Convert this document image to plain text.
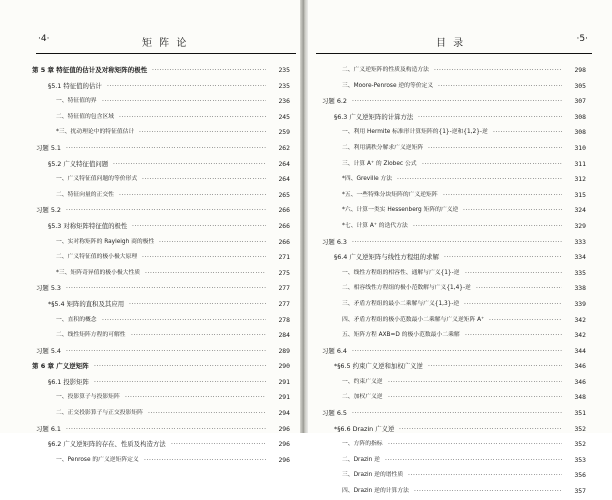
·4·	矩 阵 论
第 5 章 特征值的估计及对称矩阵的极性 ·····	235
§5.1 特征值的估计 ·····	235
一、特征值的界 ·····	236
二、特征值的包含区域 ·····	245
*三、扰动理论中的特征值估计 ·····	259
习题 5.1 ·····	262
§5.2 广义特征值问题 ·····	264
一、广义特征值问题的等价形式 ·····	264
二、特征向量的正交性 ·····	265
习题 5.2 ·····	266
§5.3 对称矩阵特征值的极性 ·····	266
一、实对称矩阵的 Rayleigh 商的极性 ·····	266
二、广义特征值的极小极大原理 ·····	271
*三、矩阵奇异值的极小极大性质 ·····	275
习题 5.3 ·····	277
*§5.4 矩阵的直积及其应用 ·····	277
一、直积的概念 ·····	278
二、线性矩阵方程的可解性 ·····	284
习题 5.4 ·····	289
第 6 章 广义逆矩阵 ·····	290
§6.1 投影矩阵 ·····	291
一、投影算子与投影矩阵 ·····	291
二、正交投影算子与正交投影矩阵 ·····	294
习题 6.1 ·····	296
§6.2 广义逆矩阵的存在、性质及构造方法 ·····	296
一、Penrose 的广义逆矩阵定义 ·····	296
目 录	·5·
二、广义逆矩阵的性质及构造方法 ·····	298
三、Moore-Penrose 逆的等价定义 ·····	305
习题 6.2 ·····	307
§6.3 广义逆矩阵的计算方法 ·····	308
一、利用 Hermite 标准形计算矩阵的{1}-逆和{1,2}-逆 ·····	308
二、利用满秩分解求广义逆矩阵 ·····	310
三、计算 A⁺ 的 Zlobec 公式 ·····	311
*四、Greville 方法 ·····	312
*五、一些特殊分块矩阵的广义逆矩阵 ·····	315
*六、计算一类实 Hessenberg 矩阵的广义逆 ·····	324
*七、计算 A⁺ 的迭代方法 ·····	329
习题 6.3 ·····	333
§6.4 广义逆矩阵与线性方程组的求解 ·····	334
一、线性方程组的相容性、通解与广义{1}-逆 ·····	335
二、相容线性方程组的极小范数解与广义{1,4}-逆 ·····	338
三、矛盾方程组的最小二乘解与广义{1,3}-逆 ·····	339
四、矛盾方程组的极小范数最小二乘解与广义逆矩阵 A⁺ ·····	342
五、矩阵方程 AXB=D 的极小范数最小二乘解 ·····	342
习题 6.4 ·····	344
*§6.5 约束广义逆和加权广义逆 ·····	346
一、约束广义逆 ·····	346
二、加权广义逆 ·····	348
习题 6.5 ·····	351
*§6.6 Drazin 广义逆 ·····	352
一、方阵的指标 ·····	352
二、Drazin 逆 ·····	353
三、Drazin 逆的谱性质 ·····	356
四、Drazin 逆的计算方法 ·····	357
